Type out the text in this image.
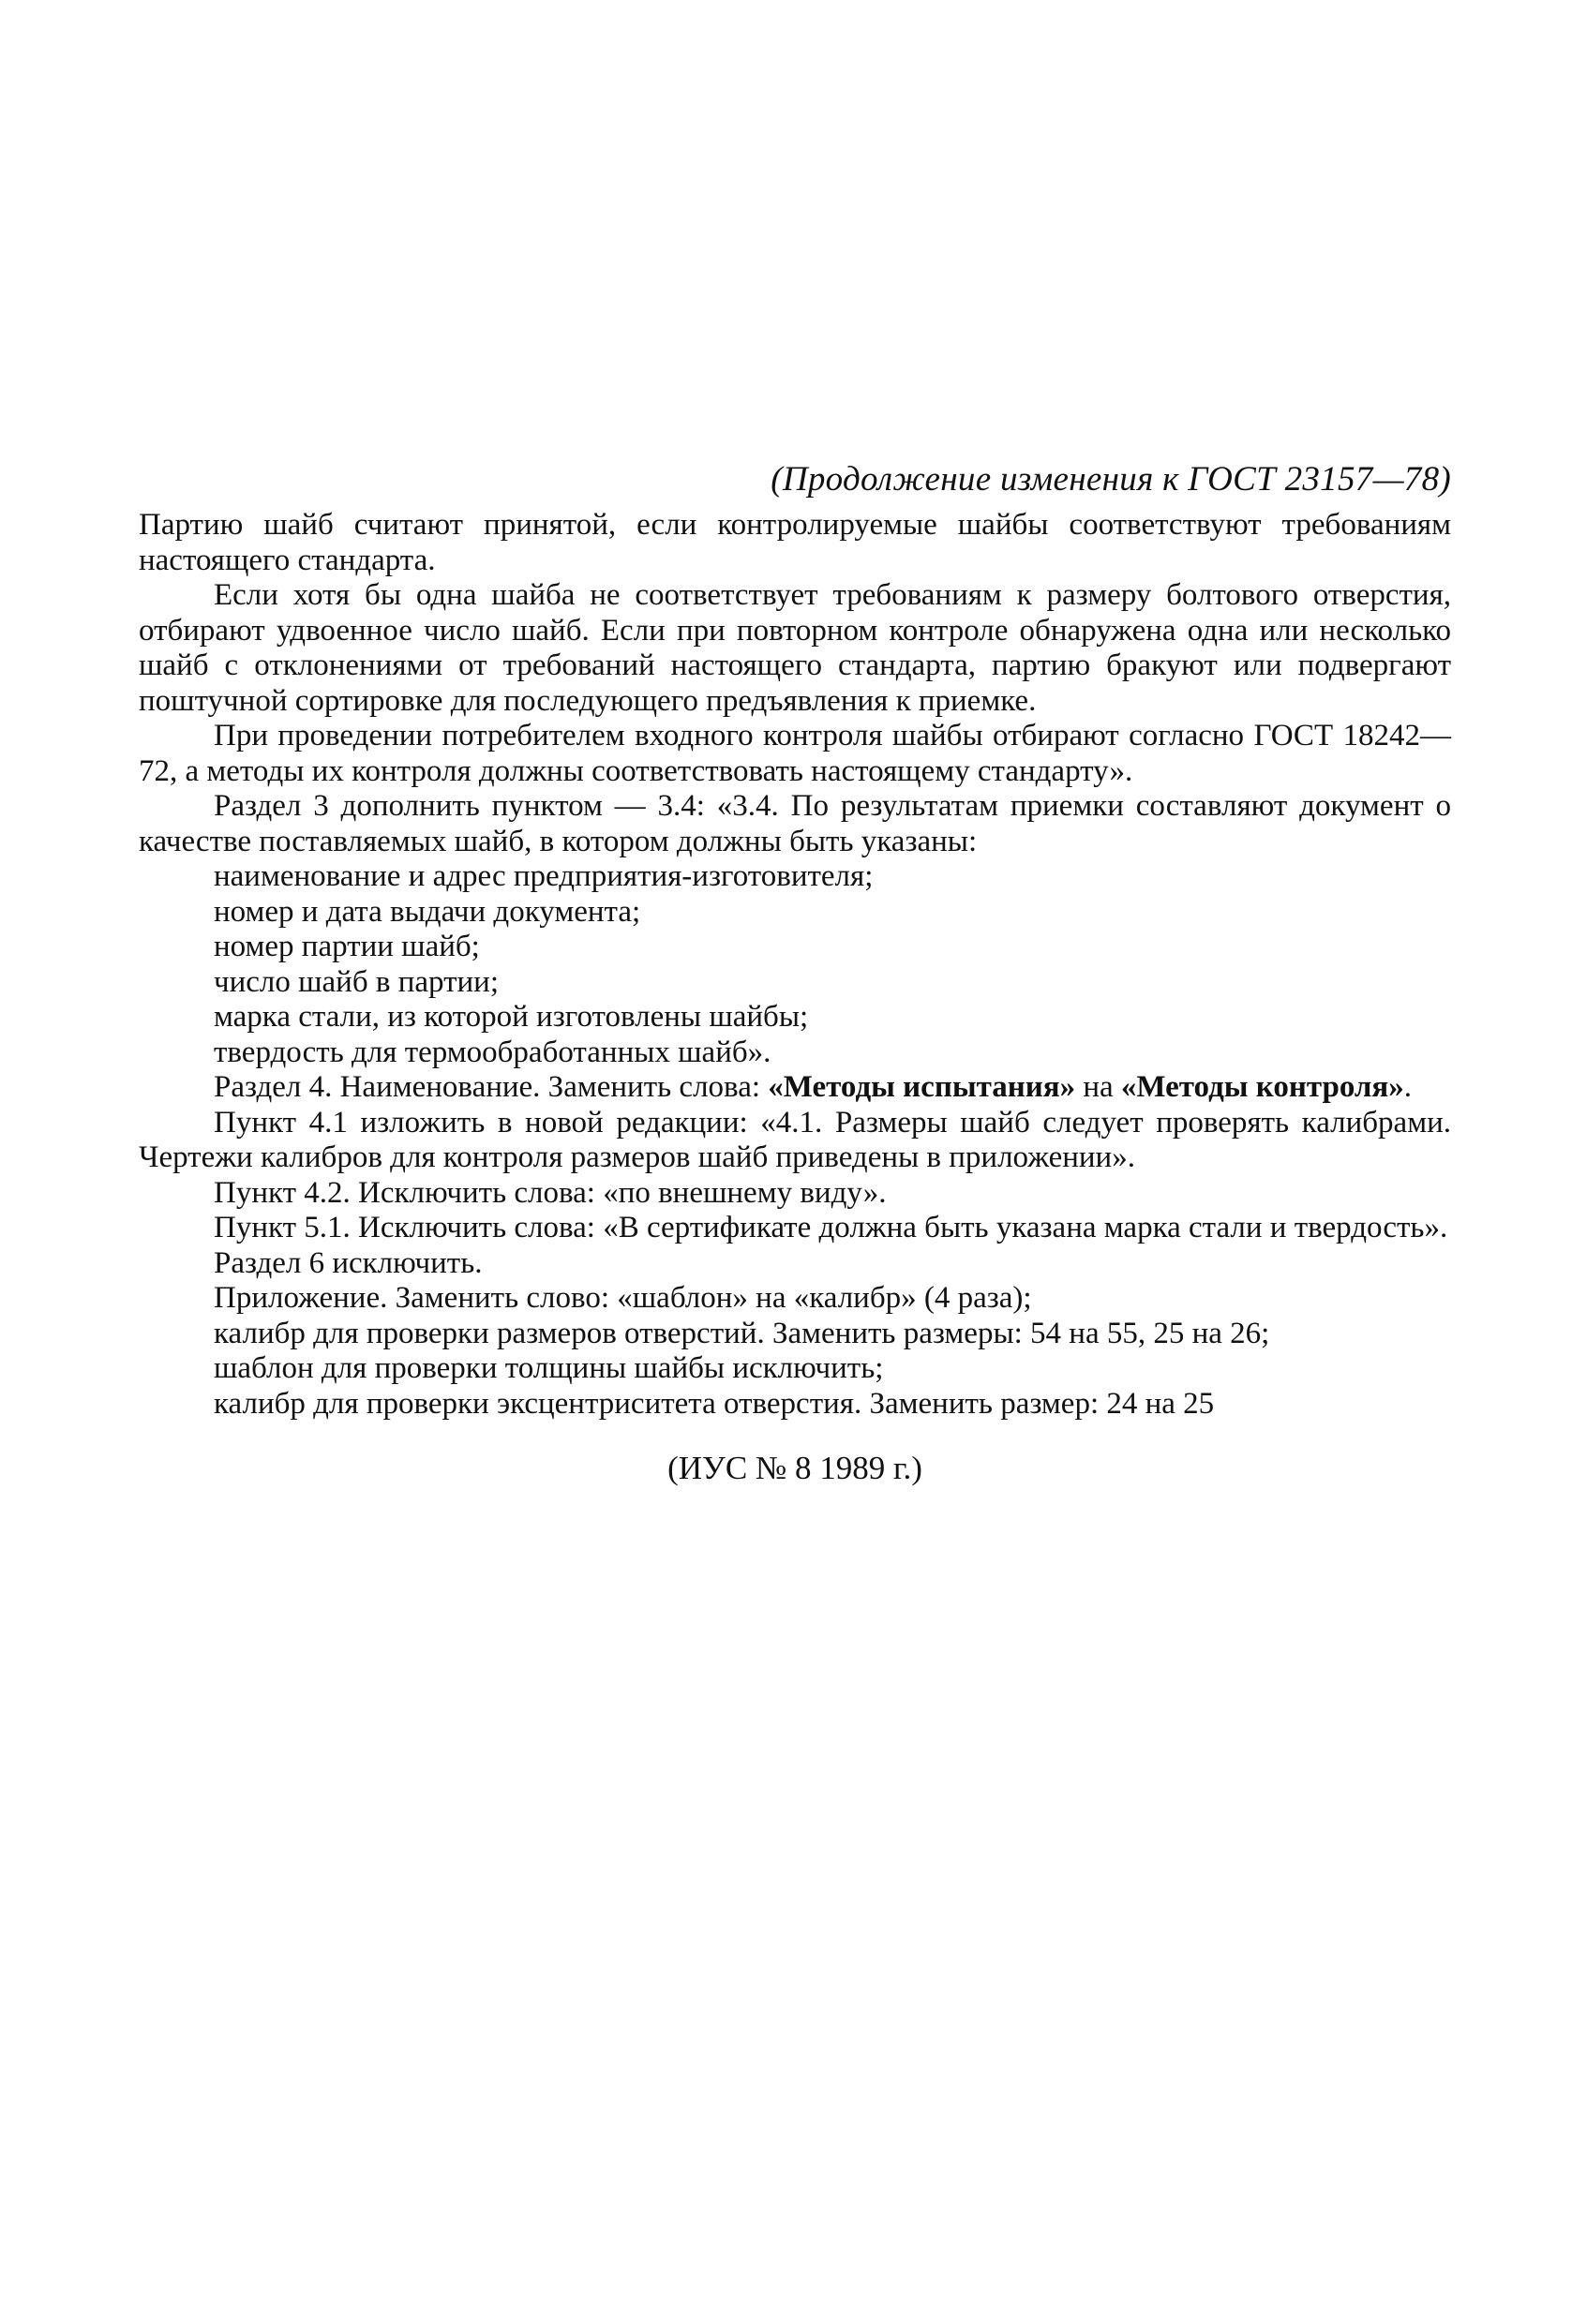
(Продолжение изменения к ГОСТ 23157—78)

Партию шайб считают принятой, если контролируемые шайбы соответствуют требованиям настоящего стандарта.

Если хотя бы одна шайба не соответствует требованиям к размеру болтового отверстия, отбирают удвоенное число шайб. Если при повторном контроле обнаружена одна или несколько шайб с отклонениями от требований настоящего стандарта, партию бракуют или подвергают поштучной сортировке для последующего предъявления к приемке.

При проведении потребителем входного контроля шайбы отбирают согласно ГОСТ 18242—72, а методы их контроля должны соответствовать настоящему стандарту».

Раздел 3 дополнить пунктом — 3.4: «3.4. По результатам приемки составляют документ о качестве поставляемых шайб, в котором должны быть указаны:

наименование и адрес предприятия-изготовителя;

номер и дата выдачи документа;

номер партии шайб;

число шайб в партии;

марка стали, из которой изготовлены шайбы;

твердость для термообработанных шайб».

Раздел 4. Наименование. Заменить слова: «Методы испытания» на «Методы контроля».

Пункт 4.1 изложить в новой редакции: «4.1. Размеры шайб следует проверять калибрами. Чертежи калибров для контроля размеров шайб приведены в приложении».

Пункт 4.2. Исключить слова: «по внешнему виду».

Пункт 5.1. Исключить слова: «В сертификате должна быть указана марка стали и твердость».

Раздел 6 исключить.

Приложение. Заменить слово: «шаблон» на «калибр» (4 раза);

калибр для проверки размеров отверстий. Заменить размеры: 54 на 55, 25 на 26;

шаблон для проверки толщины шайбы исключить;

калибр для проверки эксцентриситета отверстия. Заменить размер: 24 на 25

(ИУС № 8 1989 г.)
